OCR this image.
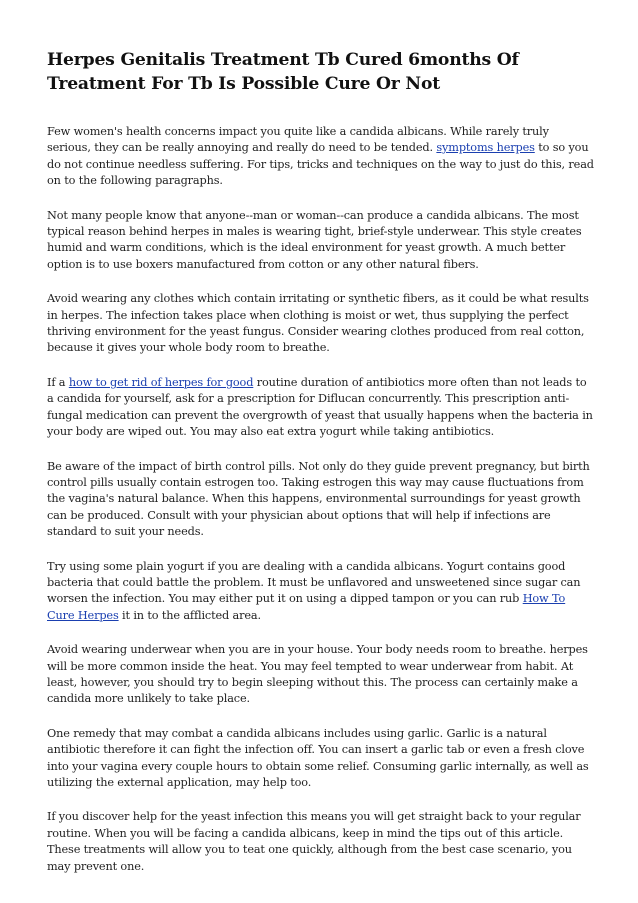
Herpes Genitalis Treatment Tb Cured 6months Of Treatment For Tb Is Possible Cure Or Not

Few women's health concerns impact you quite like a candida albicans. While rarely truly serious, they can be really annoying and really do need to be tended. symptoms herpes to so you do not continue needless suffering. For tips, tricks and techniques on the way to just do this, read on to the following paragraphs.

Not many people know that anyone--man or woman--can produce a candida albicans. The most typical reason behind herpes in males is wearing tight, brief-style underwear. This style creates humid and warm conditions, which is the ideal environment for yeast growth. A much better option is to use boxers manufactured from cotton or any other natural fibers.

Avoid wearing any clothes which contain irritating or synthetic fibers, as it could be what results in herpes. The infection takes place when clothing is moist or wet, thus supplying the perfect thriving environment for the yeast fungus. Consider wearing clothes produced from real cotton, because it gives your whole body room to breathe.

If a how to get rid of herpes for good routine duration of antibiotics more often than not leads to a candida for yourself, ask for a prescription for Diflucan concurrently. This prescription anti-fungal medication can prevent the overgrowth of yeast that usually happens when the bacteria in your body are wiped out. You may also eat extra yogurt while taking antibiotics.

Be aware of the impact of birth control pills. Not only do they guide prevent pregnancy, but birth control pills usually contain estrogen too. Taking estrogen this way may cause fluctuations from the vagina's natural balance. When this happens, environmental surroundings for yeast growth can be produced. Consult with your physician about options that will help if infections are standard to suit your needs.

Try using some plain yogurt if you are dealing with a candida albicans. Yogurt contains good bacteria that could battle the problem. It must be unflavored and unsweetened since sugar can worsen the infection. You may either put it on using a dipped tampon or you can rub How To Cure Herpes it in to the afflicted area.

Avoid wearing underwear when you are in your house. Your body needs room to breathe. herpes will be more common inside the heat. You may feel tempted to wear underwear from habit. At least, however, you should try to begin sleeping without this. The process can certainly make a candida more unlikely to take place.

One remedy that may combat a candida albicans includes using garlic. Garlic is a natural antibiotic therefore it can fight the infection off. You can insert a garlic tab or even a fresh clove into your vagina every couple hours to obtain some relief. Consuming garlic internally, as well as utilizing the external application, may help too.

If you discover help for the yeast infection this means you will get straight back to your regular routine. When you will be facing a candida albicans, keep in mind the tips out of this article. These treatments will allow you to teat one quickly, although from the best case scenario, you may prevent one.
